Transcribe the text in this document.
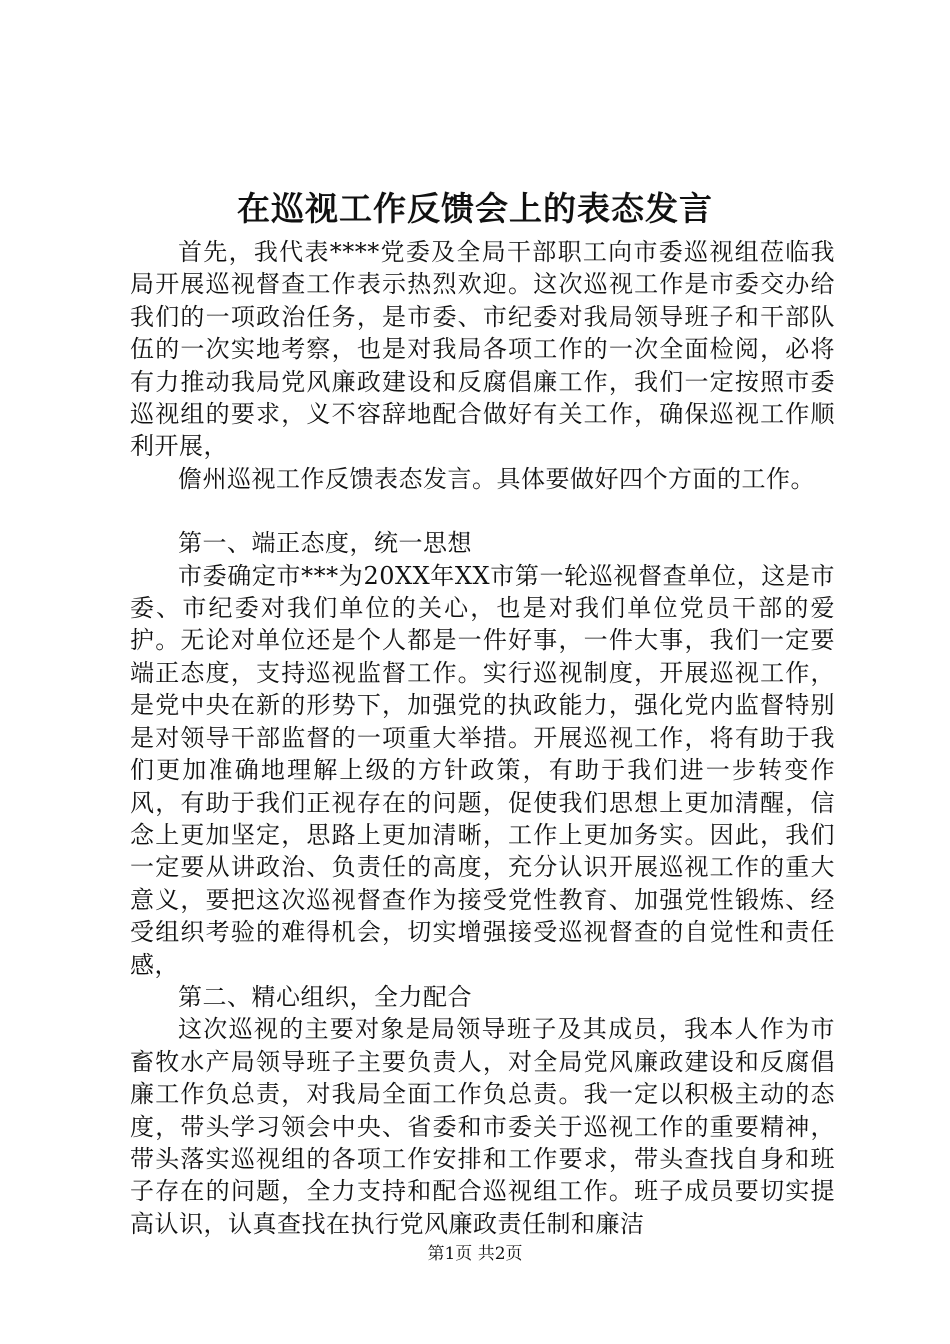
在巡视工作反馈会上的表态发言

首先，我代表****党委及全局干部职工向市委巡视组莅临我局开展巡视督查工作表示热烈欢迎。这次巡视工作是市委交办给我们的一项政治任务，是市委、市纪委对我局领导班子和干部队伍的一次实地考察，也是对我局各项工作的一次全面检阅，必将有力推动我局党风廉政建设和反腐倡廉工作，我们一定按照市委巡视组的要求，义不容辞地配合做好有关工作，确保巡视工作顺利开展，

儋州巡视工作反馈表态发言。具体要做好四个方面的工作。

第一、端正态度，统一思想

市委确定市***为20XX年XX市第一轮巡视督查单位，这是市委、市纪委对我们单位的关心，也是对我们单位党员干部的爱护。无论对单位还是个人都是一件好事，一件大事，我们一定要端正态度，支持巡视监督工作。实行巡视制度，开展巡视工作，是党中央在新的形势下，加强党的执政能力，强化党内监督特别是对领导干部监督的一项重大举措。开展巡视工作，将有助于我们更加准确地理解上级的方针政策，有助于我们进一步转变作风，有助于我们正视存在的问题，促使我们思想上更加清醒，信念上更加坚定，思路上更加清晰，工作上更加务实。因此，我们一定要从讲政治、负责任的高度，充分认识开展巡视工作的重大意义，要把这次巡视督查作为接受党性教育、加强党性锻炼、经受组织考验的难得机会，切实增强接受巡视督查的自觉性和责任感，

第二、精心组织，全力配合

这次巡视的主要对象是局领导班子及其成员，我本人作为市畜牧水产局领导班子主要负责人，对全局党风廉政建设和反腐倡廉工作负总责，对我局全面工作负总责。我一定以积极主动的态度，带头学习领会中央、省委和市委关于巡视工作的重要精神，带头落实巡视组的各项工作安排和工作要求，带头查找自身和班子存在的问题，全力支持和配合巡视组工作。班子成员要切实提高认识，认真查找在执行党风廉政责任制和廉洁

第1页 共2页
